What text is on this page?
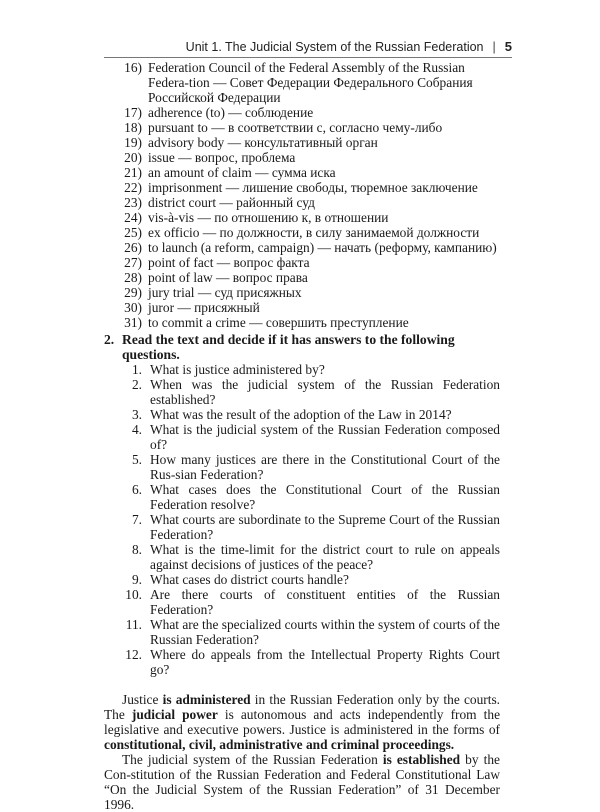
Unit 1. The Judicial System of the Russian Federation | 5
16) Federation Council of the Federal Assembly of the Russian Federa-tion — Совет Федерации Федерального Собрания Российской Федерации
17) adherence (to) — соблюдение
18) pursuant to — в соответствии с, согласно чему-либо
19) advisory body — консультативный орган
20) issue — вопрос, проблема
21) an amount of claim — сумма иска
22) imprisonment — лишение свободы, тюремное заключение
23) district court — районный суд
24) vis-à-vis — по отношению к, в отношении
25) ex officio — по должности, в силу занимаемой должности
26) to launch (a reform, campaign) — начать (реформу, кампанию)
27) point of fact — вопрос факта
28) point of law — вопрос права
29) jury trial — суд присяжных
30) juror — присяжный
31) to commit a crime — совершить преступление
2. Read the text and decide if it has answers to the following questions.
1. What is justice administered by?
2. When was the judicial system of the Russian Federation established?
3. What was the result of the adoption of the Law in 2014?
4. What is the judicial system of the Russian Federation composed of?
5. How many justices are there in the Constitutional Court of the Rus-sian Federation?
6. What cases does the Constitutional Court of the Russian Federation resolve?
7. What courts are subordinate to the Supreme Court of the Russian Federation?
8. What is the time-limit for the district court to rule on appeals against decisions of justices of the peace?
9. What cases do district courts handle?
10. Are there courts of constituent entities of the Russian Federation?
11. What are the specialized courts within the system of courts of the Russian Federation?
12. Where do appeals from the Intellectual Property Rights Court go?

Justice is administered in the Russian Federation only by the courts. The judicial power is autonomous and acts independently from the legislative and executive powers. Justice is administered in the forms of constitutional, civil, administrative and criminal proceedings.

The judicial system of the Russian Federation is established by the Con-stitution of the Russian Federation and Federal Constitutional Law “On the Judicial System of the Russian Federation” of 31 December 1996.
